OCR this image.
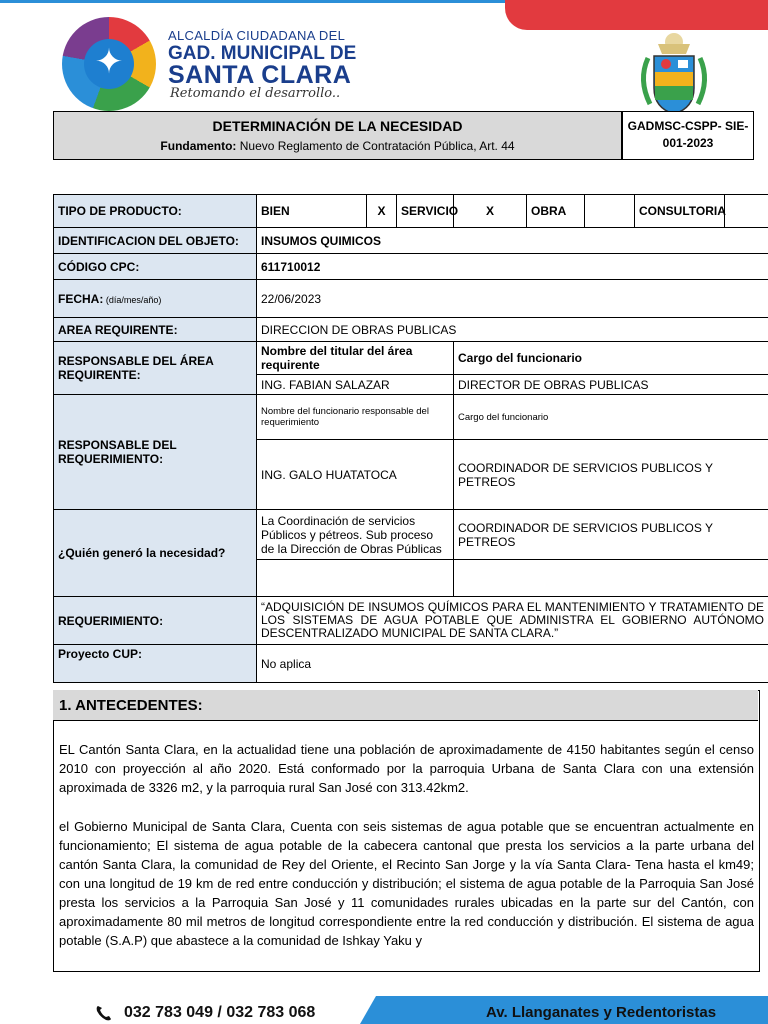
✦
ALCALDÍA CIUDADANA DEL
GAD. MUNICIPAL DE
SANTA CLARA
Retomando el desarrollo..
DETERMINACIÓN DE LA NECESIDAD
Fundamento: Nuevo Reglamento de Contratación Pública, Art. 44
GADMSC-CSPP- SIE-
001-2023
TIPO DE PRODUCTO:	BIEN	X	SERVICIO	X	OBRA		CONSULTORIA	
IDENTIFICACION DEL OBJETO:	INSUMOS QUIMICOS							
CÓDIGO CPC:	611710012							
FECHA: (día/mes/año)	22/06/2023							
AREA REQUIRENTE:	DIRECCION DE OBRAS PUBLICAS							
RESPONSABLE DEL ÁREA REQUIRENTE:	Nombre del titular del área requirente			Cargo del funcionario				
	ING. FABIAN SALAZAR			DIRECTOR DE OBRAS PUBLICAS				
RESPONSABLE DEL REQUERIMIENTO:	Nombre del funcionario responsable del requerimiento			Cargo del funcionario				
	ING. GALO HUATATOCA			COORDINADOR DE SERVICIOS PUBLICOS Y PETREOS				
¿Quién generó la necesidad?	La Coordinación de servicios Públicos y pétreos. Sub proceso de la Dirección de Obras Públicas			COORDINADOR DE SERVICIOS PUBLICOS Y PETREOS				

REQUERIMIENTO:	“ADQUISICIÓN DE INSUMOS QUÍMICOS PARA EL MANTENIMIENTO Y TRATAMIENTO DE LOS SISTEMAS DE AGUA POTABLE QUE ADMINISTRA EL GOBIERNO AUTÓNOMO DESCENTRALIZADO MUNICIPAL DE SANTA CLARA.”							
Proyecto CUP:	No aplica							
1. ANTECEDENTES:
EL Cantón Santa Clara, en la actualidad tiene una población de aproximadamente de 4150 habitantes según el censo 2010 con proyección al año 2020. Está conformado por la parroquia Urbana de Santa Clara con una extensión aproximada de 3326 m2, y la parroquia rural San José con 313.42km2.
el Gobierno Municipal de Santa Clara, Cuenta con seis sistemas de agua potable que se encuentran actualmente en funcionamiento; El sistema de agua potable de la cabecera cantonal que presta los servicios a la parte urbana del cantón Santa Clara, la comunidad de Rey del Oriente, el Recinto San Jorge y la vía Santa Clara- Tena hasta el km49; con una longitud de 19 km de red entre conducción y distribución; el sistema de agua potable de la Parroquia San José presta los servicios a la Parroquia San José y 11 comunidades rurales ubicadas en la parte sur del Cantón, con aproximadamente 80 mil metros de longitud correspondiente entre la red conducción y distribución. El sistema de agua potable (S.A.P) que abastece a la comunidad de Ishkay Yaku y
032 783 049 / 032 783 068	Av. Llanganates y Redentoristas
